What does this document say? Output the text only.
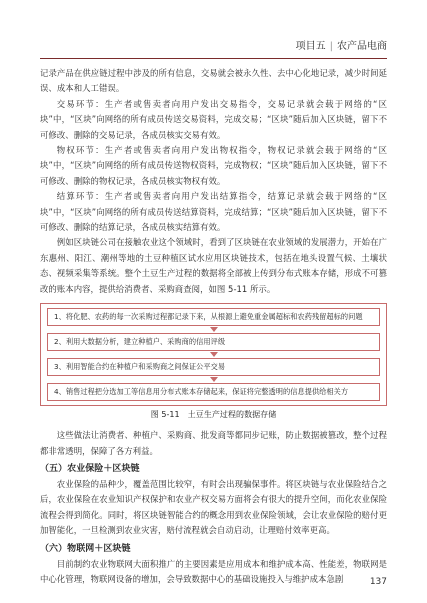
项目五 | 农产品电商

记录产品在供应链过程中涉及的所有信息，交易就会被永久性、去中心化地记录，减少时间延误、成本和人工错误。

交易环节：生产者或售卖者向用户发出交易指令，交易记录就会载于网络的“区块”中，“区块”向网络的所有成员传送交易资料，完成交易；“区块”随后加入区块链，留下不可修改、删除的交易记录，各成员核实交易有效。

物权环节：生产者或售卖者向用户发出物权指令，物权记录就会载于网络的“区块”中，“区块”向网络的所有成员传送物权资料，完成物权；“区块”随后加入区块链，留下不可修改、删除的物权记录，各成员核实物权有效。

结算环节：生产者或售卖者向用户发出结算指令，结算记录就会载于网络的“区块”中，“区块”向网络的所有成员传送结算资料，完成结算；“区块”随后加入区块链，留下不可修改、删除的结算记录，各成员核实结算有效。

例如区块链公司在接触农业这个领域时，看到了区块链在农业领域的发展潜力，开始在广东惠州、阳江、潮州等地的土豆种植区试水应用区块链技术，包括在地头设置气候、土壤状态、视频采集等系统。整个土豆生产过程的数据将全部被上传到分布式账本存储，形成不可篡改的账本内容，提供给消费者、采购商查阅，如图 5-11 所示。

1、将化肥、农药的每一次采购过程都记录下来，从根源上避免重金属超标和农药残留超标的问题
2、利用大数据分析，建立种植户、采购商的信用评级
3、利用智能合约在种植户和采购商之间保证公平交易
4、销售过程把分选加工等信息用分布式账本存储起来，保证将完整透明的信息提供给相关方
图 5-11　土豆生产过程的数据存储

这些做法让消费者、种植户、采购商、批发商等都同步记账，防止数据被篡改，整个过程都非常透明，保障了各方利益。

（五）农业保险＋区块链

农业保险的品种少，覆盖范围比较窄，有时会出现骗保事件。将区块链与农业保险结合之后，农业保险在农业知识产权保护和农业产权交易方面将会有很大的提升空间，而化农业保险流程会得到简化。同时，将区块链智能合约的概念用到农业保险领域，会让农业保险的赔付更加智能化，一旦检测到农业灾害，赔付流程就会自动启动，让理赔付效率更高。

（六）物联网＋区块链

目前制约农业物联网大面积推广的主要因素是应用成本和维护成本高、性能差，物联网是中心化管理，物联网设备的增加，会导致数据中心的基础设施投入与维护成本急剧	137
